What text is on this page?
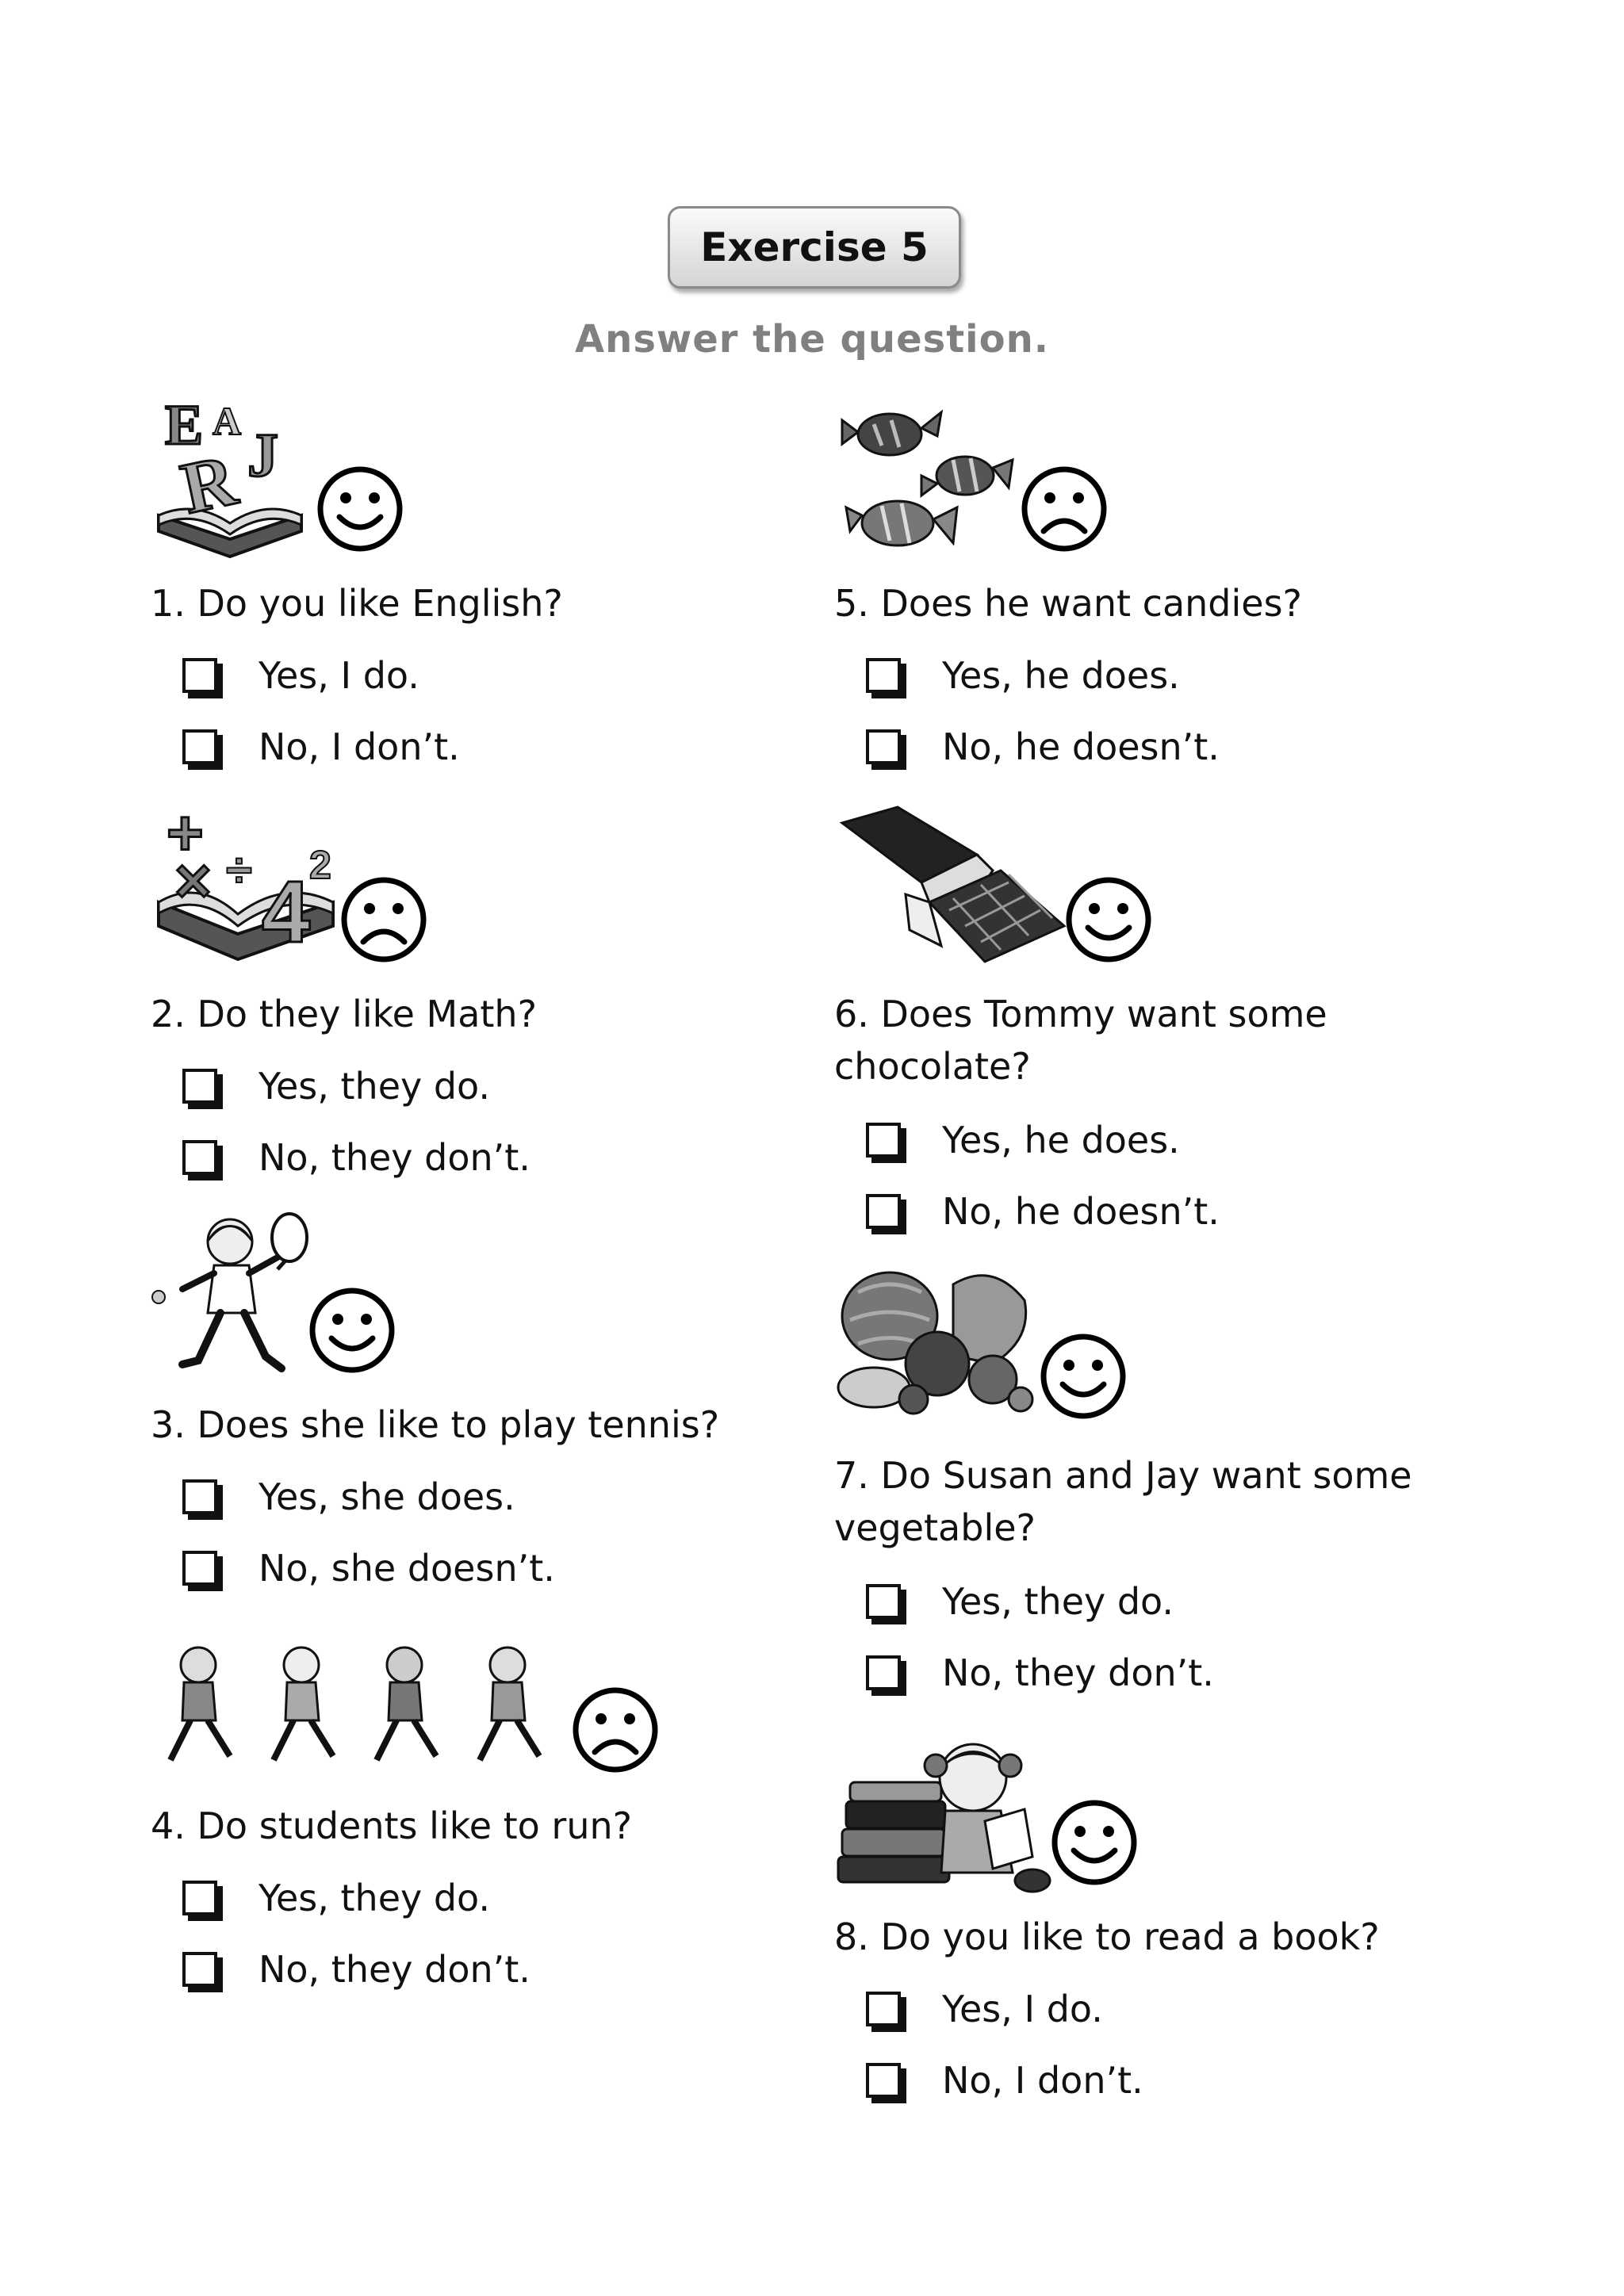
Exercise 5
Answer the question.
E A J
R
1. Do you like English?
Yes, I do.
No, I don’t.
+
× ÷ 4
2
2. Do they like Math?
Yes, they do.
No, they don’t.
3. Does she like to play tennis?
Yes, she does.
No, she doesn’t.
4. Do students like to run?
Yes, they do.
No, they don’t.
5. Does he want candies?
Yes, he does.
No, he doesn’t.
6. Does Tommy want some
chocolate?
Yes, he does.
No, he doesn’t.
7. Do Susan and Jay want some
vegetable?
Yes, they do.
No, they don’t.
8. Do you like to read a book?
Yes, I do.
No, I don’t.
